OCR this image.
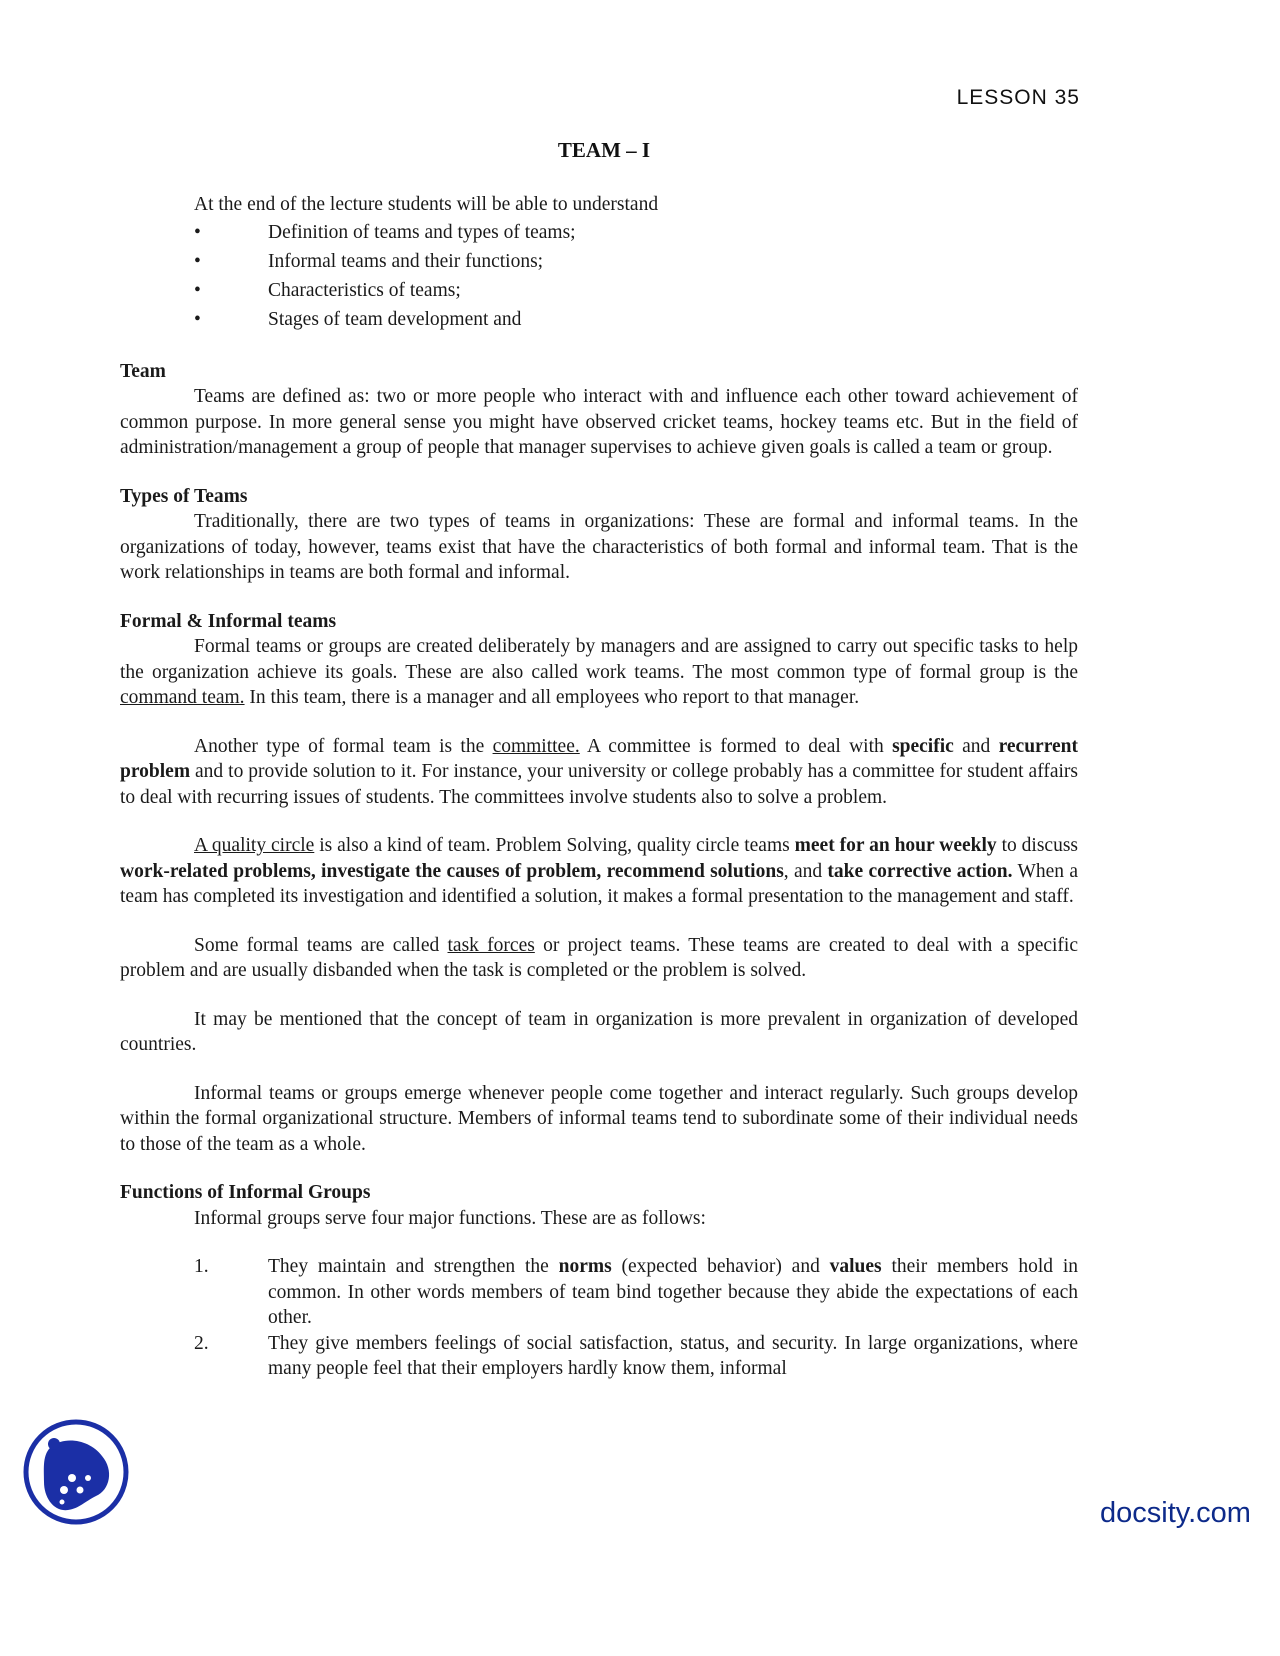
LESSON 35
TEAM – I

At the end of the lecture students will be able to understand

•	Definition of teams and types of teams;
•	Informal teams and their functions;
•	Characteristics of teams;
•	Stages of team development and
Team

Teams are defined as: two or more people who interact with and influence each other toward achievement of common purpose. In more general sense you might have observed cricket teams, hockey teams etc. But in the field of administration/management a group of people that manager supervises to achieve given goals is called a team or group.

Types of Teams

Traditionally, there are two types of teams in organizations: These are formal and informal teams. In the organizations of today, however, teams exist that have the characteristics of both formal and informal team. That is the work relationships in teams are both formal and informal.

Formal & Informal teams

Formal teams or groups are created deliberately by managers and are assigned to carry out specific tasks to help the organization achieve its goals. These are also called work teams. The most common type of formal group is the command team. In this team, there is a manager and all employees who report to that manager.

Another type of formal team is the committee. A committee is formed to deal with specific and recurrent problem and to provide solution to it. For instance, your university or college probably has a committee for student affairs to deal with recurring issues of students. The committees involve students also to solve a problem.

A quality circle is also a kind of team. Problem Solving, quality circle teams meet for an hour weekly to discuss work-related problems, investigate the causes of problem, recommend solutions, and take corrective action. When a team has completed its investigation and identified a solution, it makes a formal presentation to the management and staff.

Some formal teams are called task forces or project teams. These teams are created to deal with a specific problem and are usually disbanded when the task is completed or the problem is solved.

It may be mentioned that the concept of team in organization is more prevalent in organization of developed countries.

Informal teams or groups emerge whenever people come together and interact regularly. Such groups develop within the formal organizational structure. Members of informal teams tend to subordinate some of their individual needs to those of the team as a whole.

Functions of Informal Groups

Informal groups serve four major functions. These are as follows:

1.	They maintain and strengthen the norms (expected behavior) and values their members hold in common. In other words members of team bind together because they abide the expectations of each other.
2.	They give members feelings of social satisfaction, status, and security. In large organizations, where many people feel that their employers hardly know them, informal
docsity.com
